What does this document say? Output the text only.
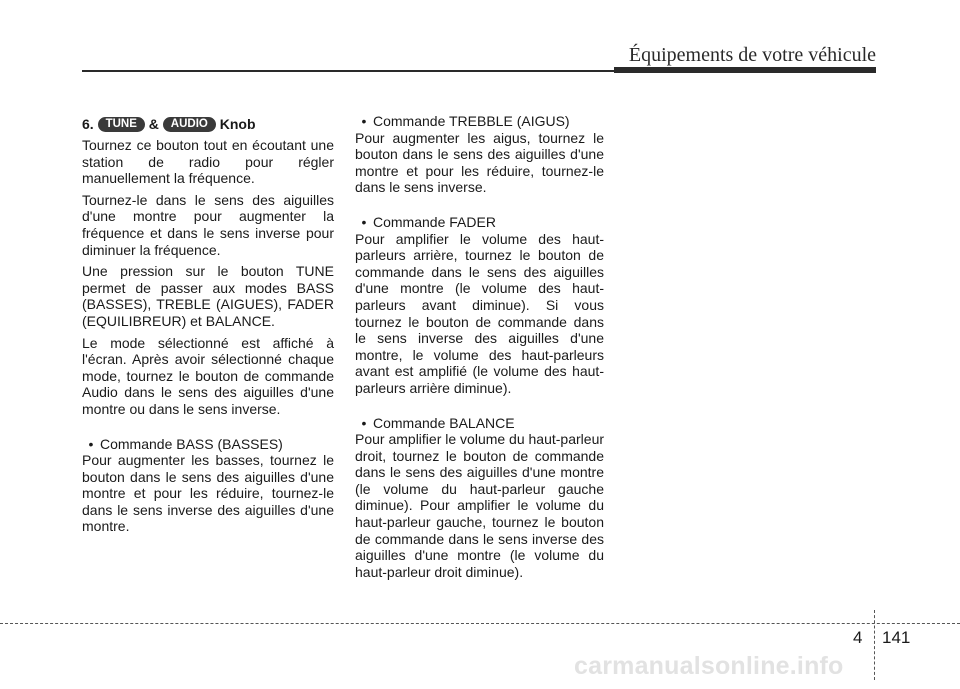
Équipements de votre véhicule
6. TUNE & AUDIO Knob

Tournez ce bouton tout en écoutant une station de radio pour régler manuellement la fréquence.

Tournez-le dans le sens des aiguilles d'une montre pour augmenter la fréquence et dans le sens inverse pour diminuer la fréquence.

Une pression sur le bouton TUNE permet de passer aux modes BASS (BASSES), TREBLE (AIGUES), FADER (EQUILIBREUR) et BALANCE.

Le mode sélectionné est affiché à l'écran. Après avoir sélectionné chaque mode, tournez le bouton de commande Audio dans le sens des aiguilles d'une montre ou dans le sens inverse.

• Commande BASS (BASSES)

Pour augmenter les basses, tournez le bouton dans le sens des aiguilles d'une montre et pour les réduire, tournez-le dans le sens inverse des aiguilles d'une montre.

• Commande TREBBLE (AIGUS)

Pour augmenter les aigus, tournez le bouton dans le sens des aiguilles d'une montre et pour les réduire, tournez-le dans le sens inverse.

• Commande FADER

Pour amplifier le volume des haut-parleurs arrière, tournez le bouton de commande dans le sens des aiguilles d'une montre (le volume des haut-parleurs avant diminue). Si vous tournez le bouton de commande dans le sens inverse des aiguilles d'une montre, le volume des haut-parleurs avant est amplifié (le volume des haut-parleurs arrière diminue).

• Commande BALANCE

Pour amplifier le volume du haut-parleur droit, tournez le bouton de commande dans le sens des aiguilles d'une montre (le volume du haut-parleur gauche diminue). Pour amplifier le volume du haut-parleur gauche, tournez le bouton de commande dans le sens inverse des aiguilles d'une montre (le volume du haut-parleur droit diminue).

4 141
carmanualsonline.info
